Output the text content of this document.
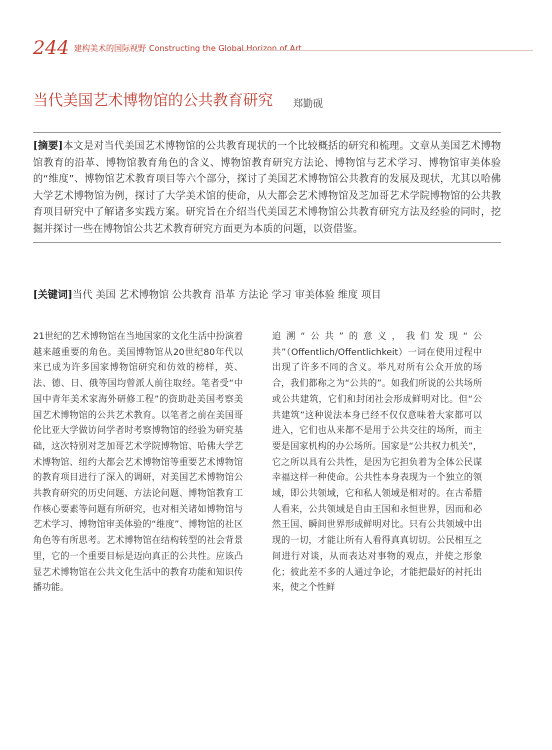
244 建构美术的国际视野 Constructing the Global Horizon of Art
当代美国艺术博物馆的公共教育研究 郑勤砚

[摘要]本文是对当代美国艺术博物馆的公共教育现状的一个比较概括的研究和梳理。文章从美国艺术博物馆教育的沿革、博物馆教育角色的含义、博物馆教育研究方法论、博物馆与艺术学习、博物馆审美体验的“维度”、博物馆艺术教育项目等六个部分，探讨了美国艺术博物馆公共教育的发展及现状，尤其以哈佛大学艺术博物馆为例，探讨了大学美术馆的使命，从大都会艺术博物馆及芝加哥艺术学院博物馆的公共教育项目研究中了解诸多实践方案。研究旨在介绍当代美国艺术博物馆公共教育研究方法及经验的同时，挖掘并探讨一些在博物馆公共艺术教育研究方面更为本质的问题，以资借鉴。

[关键词]当代 美国 艺术博物馆 公共教育 沿革 方法论 学习 审美体验 维度 项目

21世纪的艺术博物馆在当地国家的文化生活中扮演着越来越重要的角色。美国博物馆从20世纪80年代以来已成为许多国家博物馆研究和仿效的榜样，英、法、德、日、俄等国均曾派人前往取经。笔者受“中国中青年美术家海外研修工程”的资助赴美国考察美国艺术博物馆的公共艺术教育。以笔者之前在美国哥伦比亚大学做访问学者时考察博物馆的经验为研究基础，这次特别对芝加哥艺术学院博物馆、哈佛大学艺术博物馆、纽约大都会艺术博物馆等重要艺术博物馆的教育项目进行了深入的调研，对美国艺术博物馆公共教育研究的历史问题、方法论问题、博物馆教育工作核心要素等问题有所研究，也对相关诸如博物馆与艺术学习、博物馆审美体验的“维度”、博物馆的社区角色等有所思考。艺术博物馆在结构转型的社会背景里，它的一个重要目标是迈向真正的公共性。应该凸显艺术博物馆在公共文化生活中的教育功能和知识传播功能。

追溯“公共”的意义，我们发现“公共”（Offentlich/Offentlichkeit）一词在使用过程中出现了许多不同的含义。举凡对所有公众开放的场合，我们都称之为“公共的”。如我们所说的公共场所或公共建筑，它们和封闭社会形成鲜明对比。但“公共建筑”这种说法本身已经不仅仅意味着大家都可以进入，它们也从来都不是用于公共交往的场所，而主要是国家机构的办公场所。国家是“公共权力机关”，它之所以具有公共性，是因为它担负着为全体公民谋幸福这样一种使命。公共性本身表现为一个独立的领域，即公共领域，它和私人领域是相对的。在古希腊人看来，公共领域是自由王国和永恒世界，因而和必然王国、瞬间世界形成鲜明对比。只有公共领域中出现的一切，才能让所有人看得真真切切。公民相互之间进行对谈，从而表达对事物的观点，并使之形象化；彼此差不多的人通过争论，才能把最好的衬托出来，使之个性鲜
